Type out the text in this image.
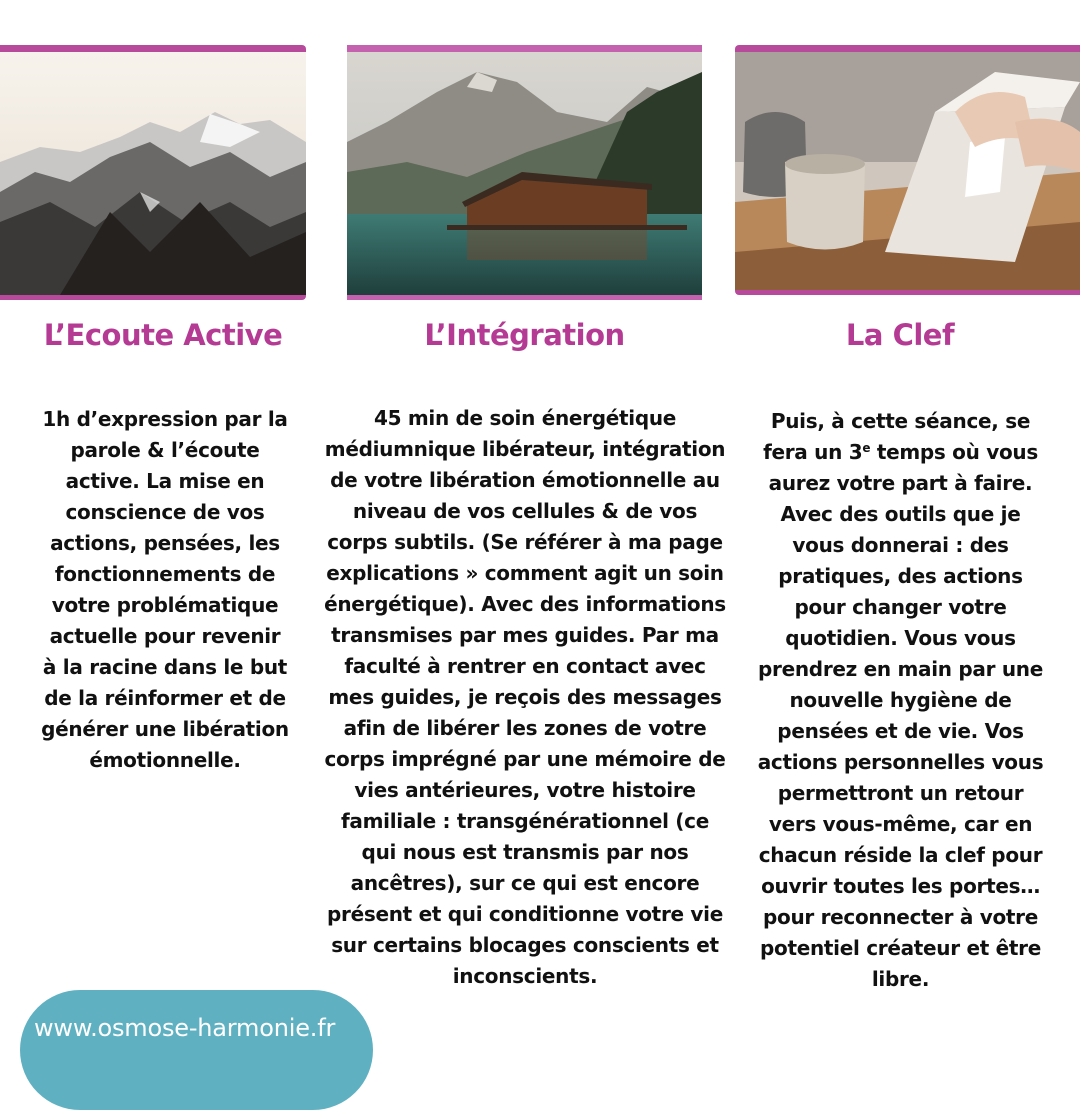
L’Ecoute Active	L’Intégration	La Clef

1h d’expression par la parole & l’écoute active. La mise en conscience de vos actions, pensées, les fonctionnements de votre problématique actuelle pour revenir à la racine dans le but de la réinformer et de générer une libération émotionnelle.

45 min de soin énergétique médiumnique libérateur, intégration de votre libération émotionnelle au niveau de vos cellules & de vos corps subtils. (Se référer à ma page explications » comment agit un soin énergétique). Avec des informations transmises par mes guides. Par ma faculté à rentrer en contact avec mes guides, je reçois des messages afin de libérer les zones de votre corps imprégné par une mémoire de vies antérieures, votre histoire familiale : transgénérationnel (ce qui nous est transmis par nos ancêtres), sur ce qui est encore présent et qui conditionne votre vie sur certains blocages conscients et inconscients.

Puis, à cette séance, se fera un 3e temps où vous aurez votre part à faire. Avec des outils que je vous donnerai : des pratiques, des actions pour changer votre quotidien. Vous vous prendrez en main par une nouvelle hygiène de pensées et de vie. Vos actions personnelles vous permettront un retour vers vous-même, car en chacun réside la clef pour ouvrir toutes les portes… pour reconnecter à votre potentiel créateur et être libre.

www.osmose-harmonie.fr
